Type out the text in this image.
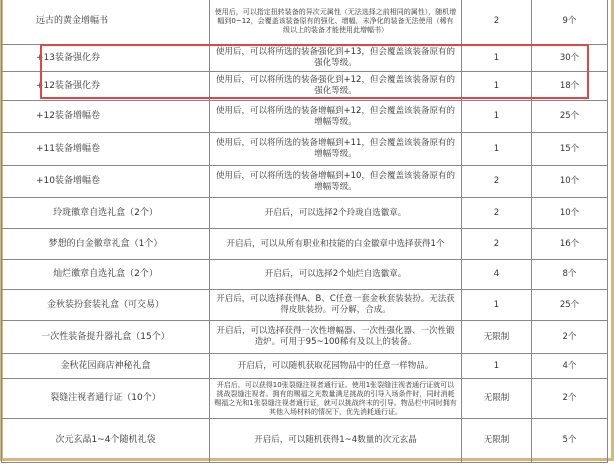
远古的黄金增幅书	使用后，可以指定扭转装备的异次元属性（无法选择之前相同的属性），随机增幅到0~12，会覆盖该装备原有的强化、增幅，未净化的装备无法使用（稀有级以上的装备才能使用此增幅书）	2	9个
+13装备强化券	使用后，可以将所选的装备强化到+13，但会覆盖该装备原有的强化等级。	1	30个
+12装备强化券	使用后，可以将所选的装备强化到+12，但会覆盖该装备原有的强化等级。	1	18个
+12装备增幅卷	使用后，可以将所选的装备增幅到+12，但会覆盖该装备原有的增幅等级。	1	25个
+11装备增幅卷	使用后，可以将所选的装备增幅到+11，但会覆盖该装备原有的增幅等级。	1	15个
+10装备增幅卷	使用后，可以将所选的装备增幅到+10，但会覆盖该装备原有的增幅等级。	2	10个
玲珑徽章自选礼盒（2个）	开启后，可以选择2个玲珑自选徽章。	2	10个
梦想的白金徽章礼盒（1个）	开启后，可以从所有职业和技能的白金徽章中选择获得1个	2	16个
灿烂徽章自选礼盒（2个）	开启后，可以选择2个灿烂自选徽章。	4	8个
金秋装扮套装礼盒（可交易）	开启后，可以选择获得A、B、C任意一套金秋套装装扮。无法获得皮肤装扮。可分解，合成。	1	25个
一次性装备提升器礼盒（15个）	开启后，可以选择获得一次性增幅器、一次性强化器、一次性锻造炉。可用于95~100稀有及以上的装备。	无限制	2个
金秋花园商店神秘礼盒	开启后，可以随机获取花园物品中的任意一样物品。	1	4个
裂缝注视者通行证（10个）	开启后，可以获得10张裂缝注视者通行证。使用1张裂缝注视者通行证就可以挑战裂缝注视者。拥有的赐福之光数量满足挑战的引导入场条件时，同时消耗赐福之光和1张裂缝注视者通行证，就可以挑战终末的引导。物品栏中同时拥有其他入场材料的情况下，优先消耗通行证。	无限制	2个
次元玄晶1~4个随机礼袋	开启后，可以随机获得1~4数量的次元玄晶	无限制	5个
